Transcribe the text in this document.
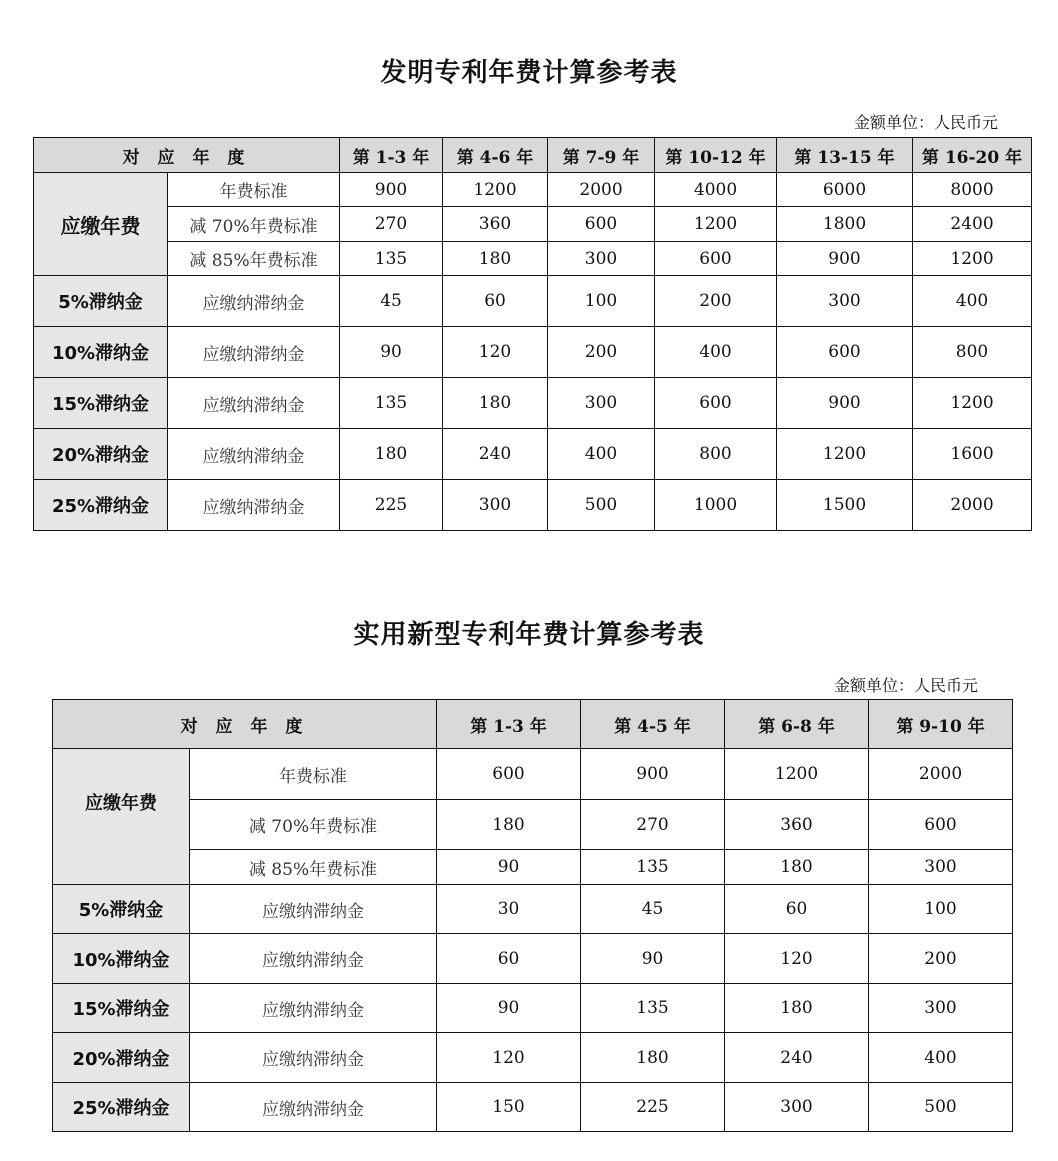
发明专利年费计算参考表
金额单位：人民币元
对 应 年 度		第 1-3 年	第 4-6 年	第 7-9 年	第 10-12 年	第 13-15 年	第 16-20 年
应缴年费	年费标准	900	1200	2000	4000	6000	8000
	减 70%年费标准	270	360	600	1200	1800	2400
	减 85%年费标准	135	180	300	600	900	1200
5%滞纳金	应缴纳滞纳金	45	60	100	200	300	400
10%滞纳金	应缴纳滞纳金	90	120	200	400	600	800
15%滞纳金	应缴纳滞纳金	135	180	300	600	900	1200
20%滞纳金	应缴纳滞纳金	180	240	400	800	1200	1600
25%滞纳金	应缴纳滞纳金	225	300	500	1000	1500	2000
实用新型专利年费计算参考表
金额单位：人民币元
对 应 年 度		第 1-3 年	第 4-5 年	第 6-8 年	第 9-10 年
应缴年费	年费标准	600	900	1200	2000
	减 70%年费标准	180	270	360	600
	减 85%年费标准	90	135	180	300
5%滞纳金	应缴纳滞纳金	30	45	60	100
10%滞纳金	应缴纳滞纳金	60	90	120	200
15%滞纳金	应缴纳滞纳金	90	135	180	300
20%滞纳金	应缴纳滞纳金	120	180	240	400
25%滞纳金	应缴纳滞纳金	150	225	300	500
